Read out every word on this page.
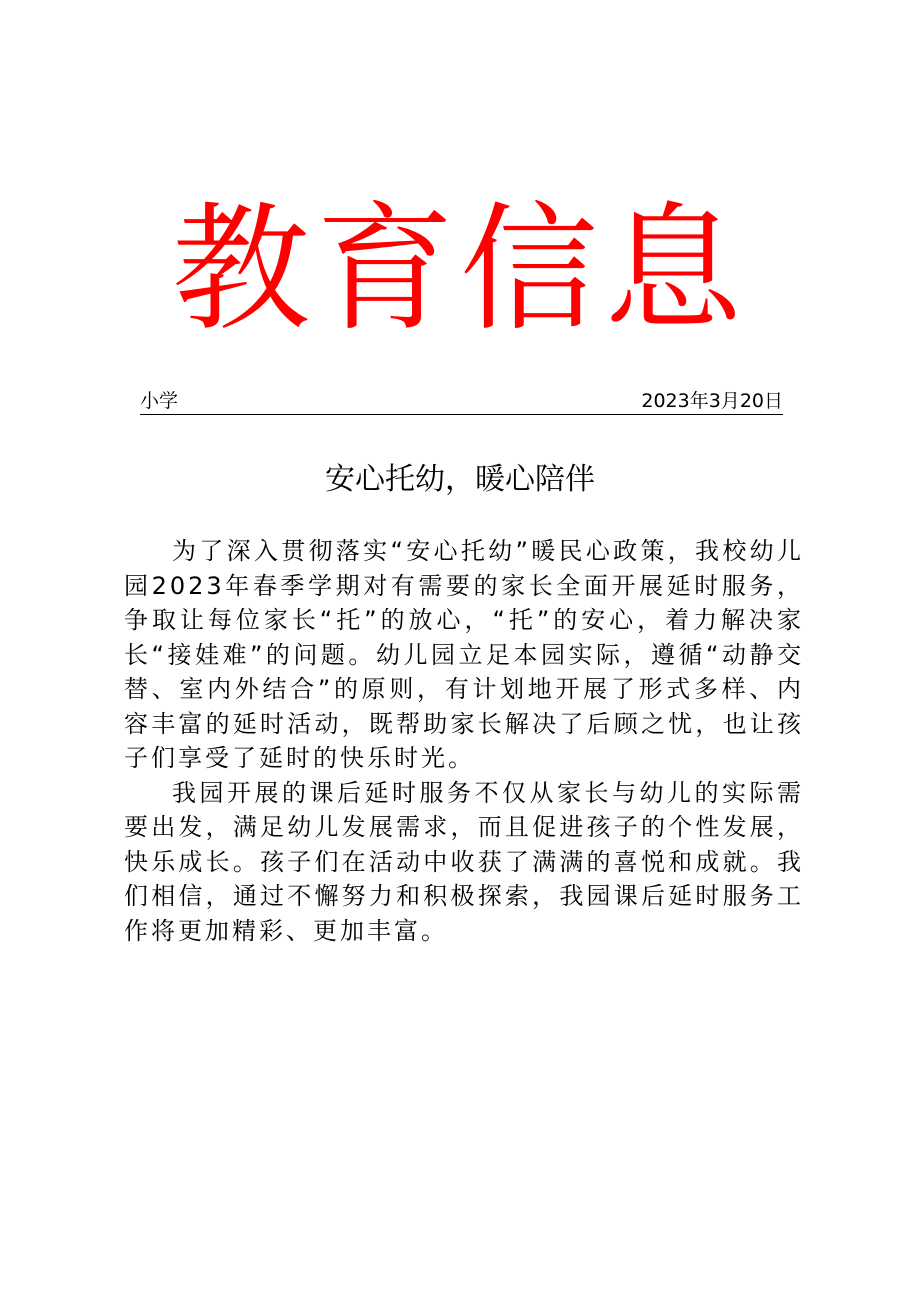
教育信息
小学	2023年3月20日
安心托幼，暖心陪伴

为了深入贯彻落实“安心托幼”暖民心政策，我校幼儿园2023年春季学期对有需要的家长全面开展延时服务，争取让每位家长“托”的放心，“托”的安心，着力解决家长“接娃难”的问题。幼儿园立足本园实际，遵循“动静交替、室内外结合”的原则，有计划地开展了形式多样、内容丰富的延时活动，既帮助家长解决了后顾之忧，也让孩子们享受了延时的快乐时光。

我园开展的课后延时服务不仅从家长与幼儿的实际需要出发，满足幼儿发展需求，而且促进孩子的个性发展，快乐成长。孩子们在活动中收获了满满的喜悦和成就。我们相信，通过不懈努力和积极探索，我园课后延时服务工作将更加精彩、更加丰富。
